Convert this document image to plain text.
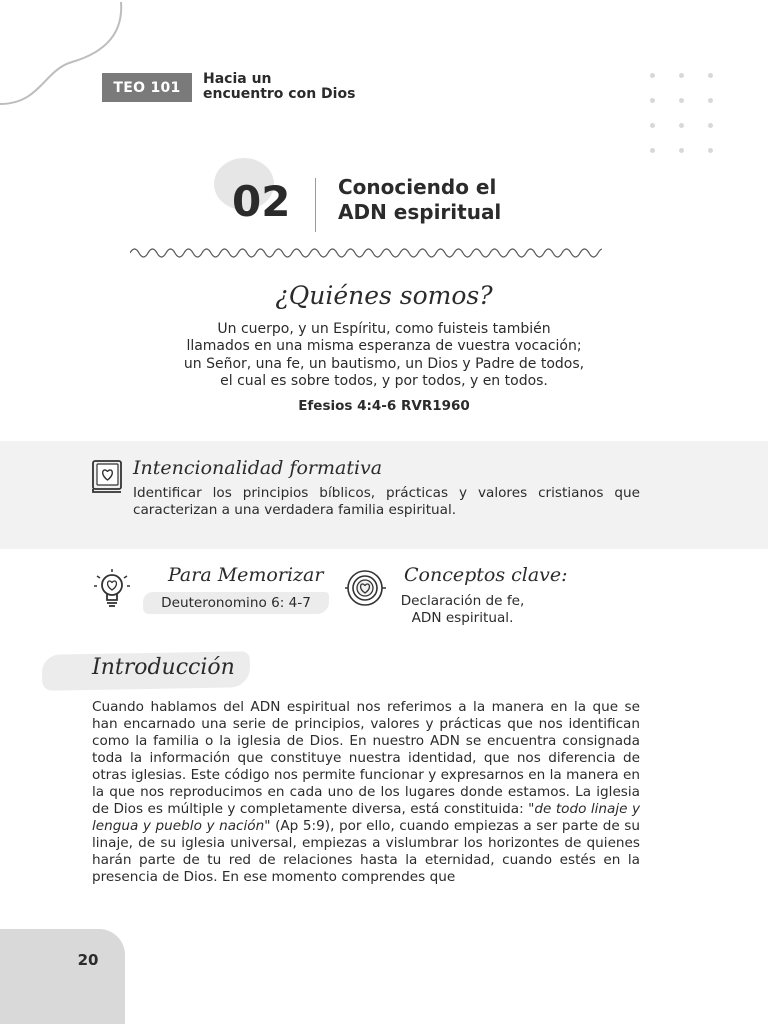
TEO 101
Hacia un
encuentro con Dios
02 Conociendo el
ADN espiritual
¿Quiénes somos?
Un cuerpo, y un Espíritu, como fuisteis también
llamados en una misma esperanza de vuestra vocación;
un Señor, una fe, un bautismo, un Dios y Padre de todos,
el cual es sobre todos, y por todos, y en todos.
Efesios 4:4-6 RVR1960
Intencionalidad formativa
Identificar los principios bíblicos, prácticas y valores cristianos que caracterizan a una verdadera familia espiritual.
Para Memorizar
Deuteronomino 6: 4-7
Conceptos clave:
Declaración de fe,
ADN espiritual.
Introducción
Cuando hablamos del ADN espiritual nos referimos a la manera en la que se han encarnado una serie de principios, valores y prácticas que nos identifican como la familia o la iglesia de Dios. En nuestro ADN se encuentra consignada toda la información que constituye nuestra identidad, que nos diferencia de otras iglesias. Este código nos permite funcionar y expresarnos en la manera en la que nos reproducimos en cada uno de los lugares donde estamos. La iglesia de Dios es múltiple y completamente diversa, está constituida: "de todo linaje y lengua y pueblo y nación" (Ap 5:9), por ello, cuando empiezas a ser parte de su linaje, de su iglesia universal, empiezas a vislumbrar los horizontes de quienes harán parte de tu red de relaciones hasta la eternidad, cuando estés en la presencia de Dios. En ese momento comprendes que
20
